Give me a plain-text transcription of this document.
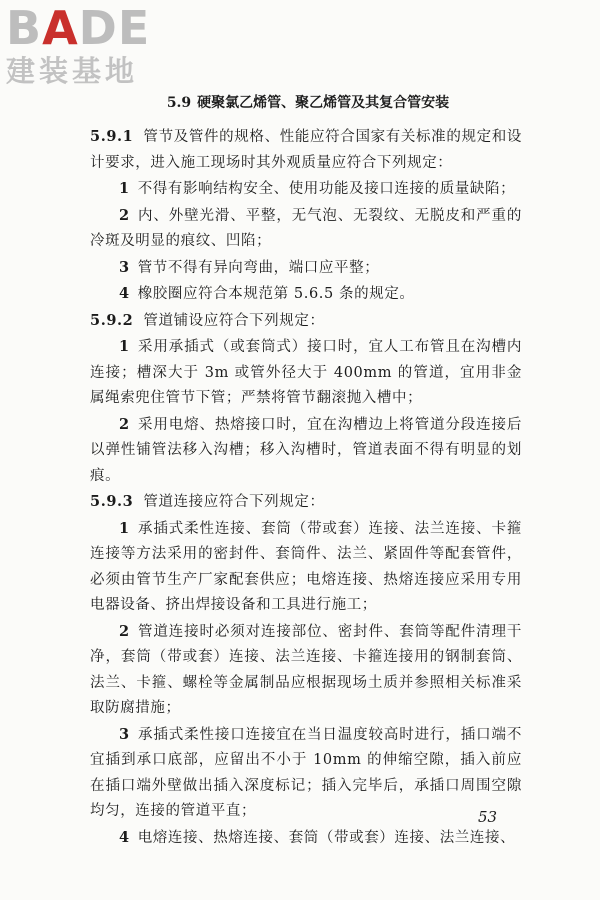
BADE
建装基地
5.9 硬聚氯乙烯管、聚乙烯管及其复合管安装

5.9.1 管节及管件的规格、性能应符合国家有关标准的规定和设计要求，进入施工现场时其外观质量应符合下列规定：

1 不得有影响结构安全、使用功能及接口连接的质量缺陷；

2 内、外壁光滑、平整，无气泡、无裂纹、无脱皮和严重的冷斑及明显的痕纹、凹陷；

3 管节不得有异向弯曲，端口应平整；

4 橡胶圈应符合本规范第 5.6.5 条的规定。

5.9.2 管道铺设应符合下列规定：

1 采用承插式（或套筒式）接口时，宜人工布管且在沟槽内连接；槽深大于 3m 或管外径大于 400mm 的管道，宜用非金属绳索兜住管节下管；严禁将管节翻滚抛入槽中；

2 采用电熔、热熔接口时，宜在沟槽边上将管道分段连接后以弹性铺管法移入沟槽；移入沟槽时，管道表面不得有明显的划痕。

5.9.3 管道连接应符合下列规定：

1 承插式柔性连接、套筒（带或套）连接、法兰连接、卡箍连接等方法采用的密封件、套筒件、法兰、紧固件等配套管件，必须由管节生产厂家配套供应；电熔连接、热熔连接应采用专用电器设备、挤出焊接设备和工具进行施工；

2 管道连接时必须对连接部位、密封件、套筒等配件清理干净，套筒（带或套）连接、法兰连接、卡箍连接用的钢制套筒、法兰、卡箍、螺栓等金属制品应根据现场土质并参照相关标准采取防腐措施；

3 承插式柔性接口连接宜在当日温度较高时进行，插口端不宜插到承口底部，应留出不小于 10mm 的伸缩空隙，插入前应在插口端外壁做出插入深度标记；插入完毕后，承插口周围空隙均匀，连接的管道平直；

4 电熔连接、热熔连接、套筒（带或套）连接、法兰连接、

53
